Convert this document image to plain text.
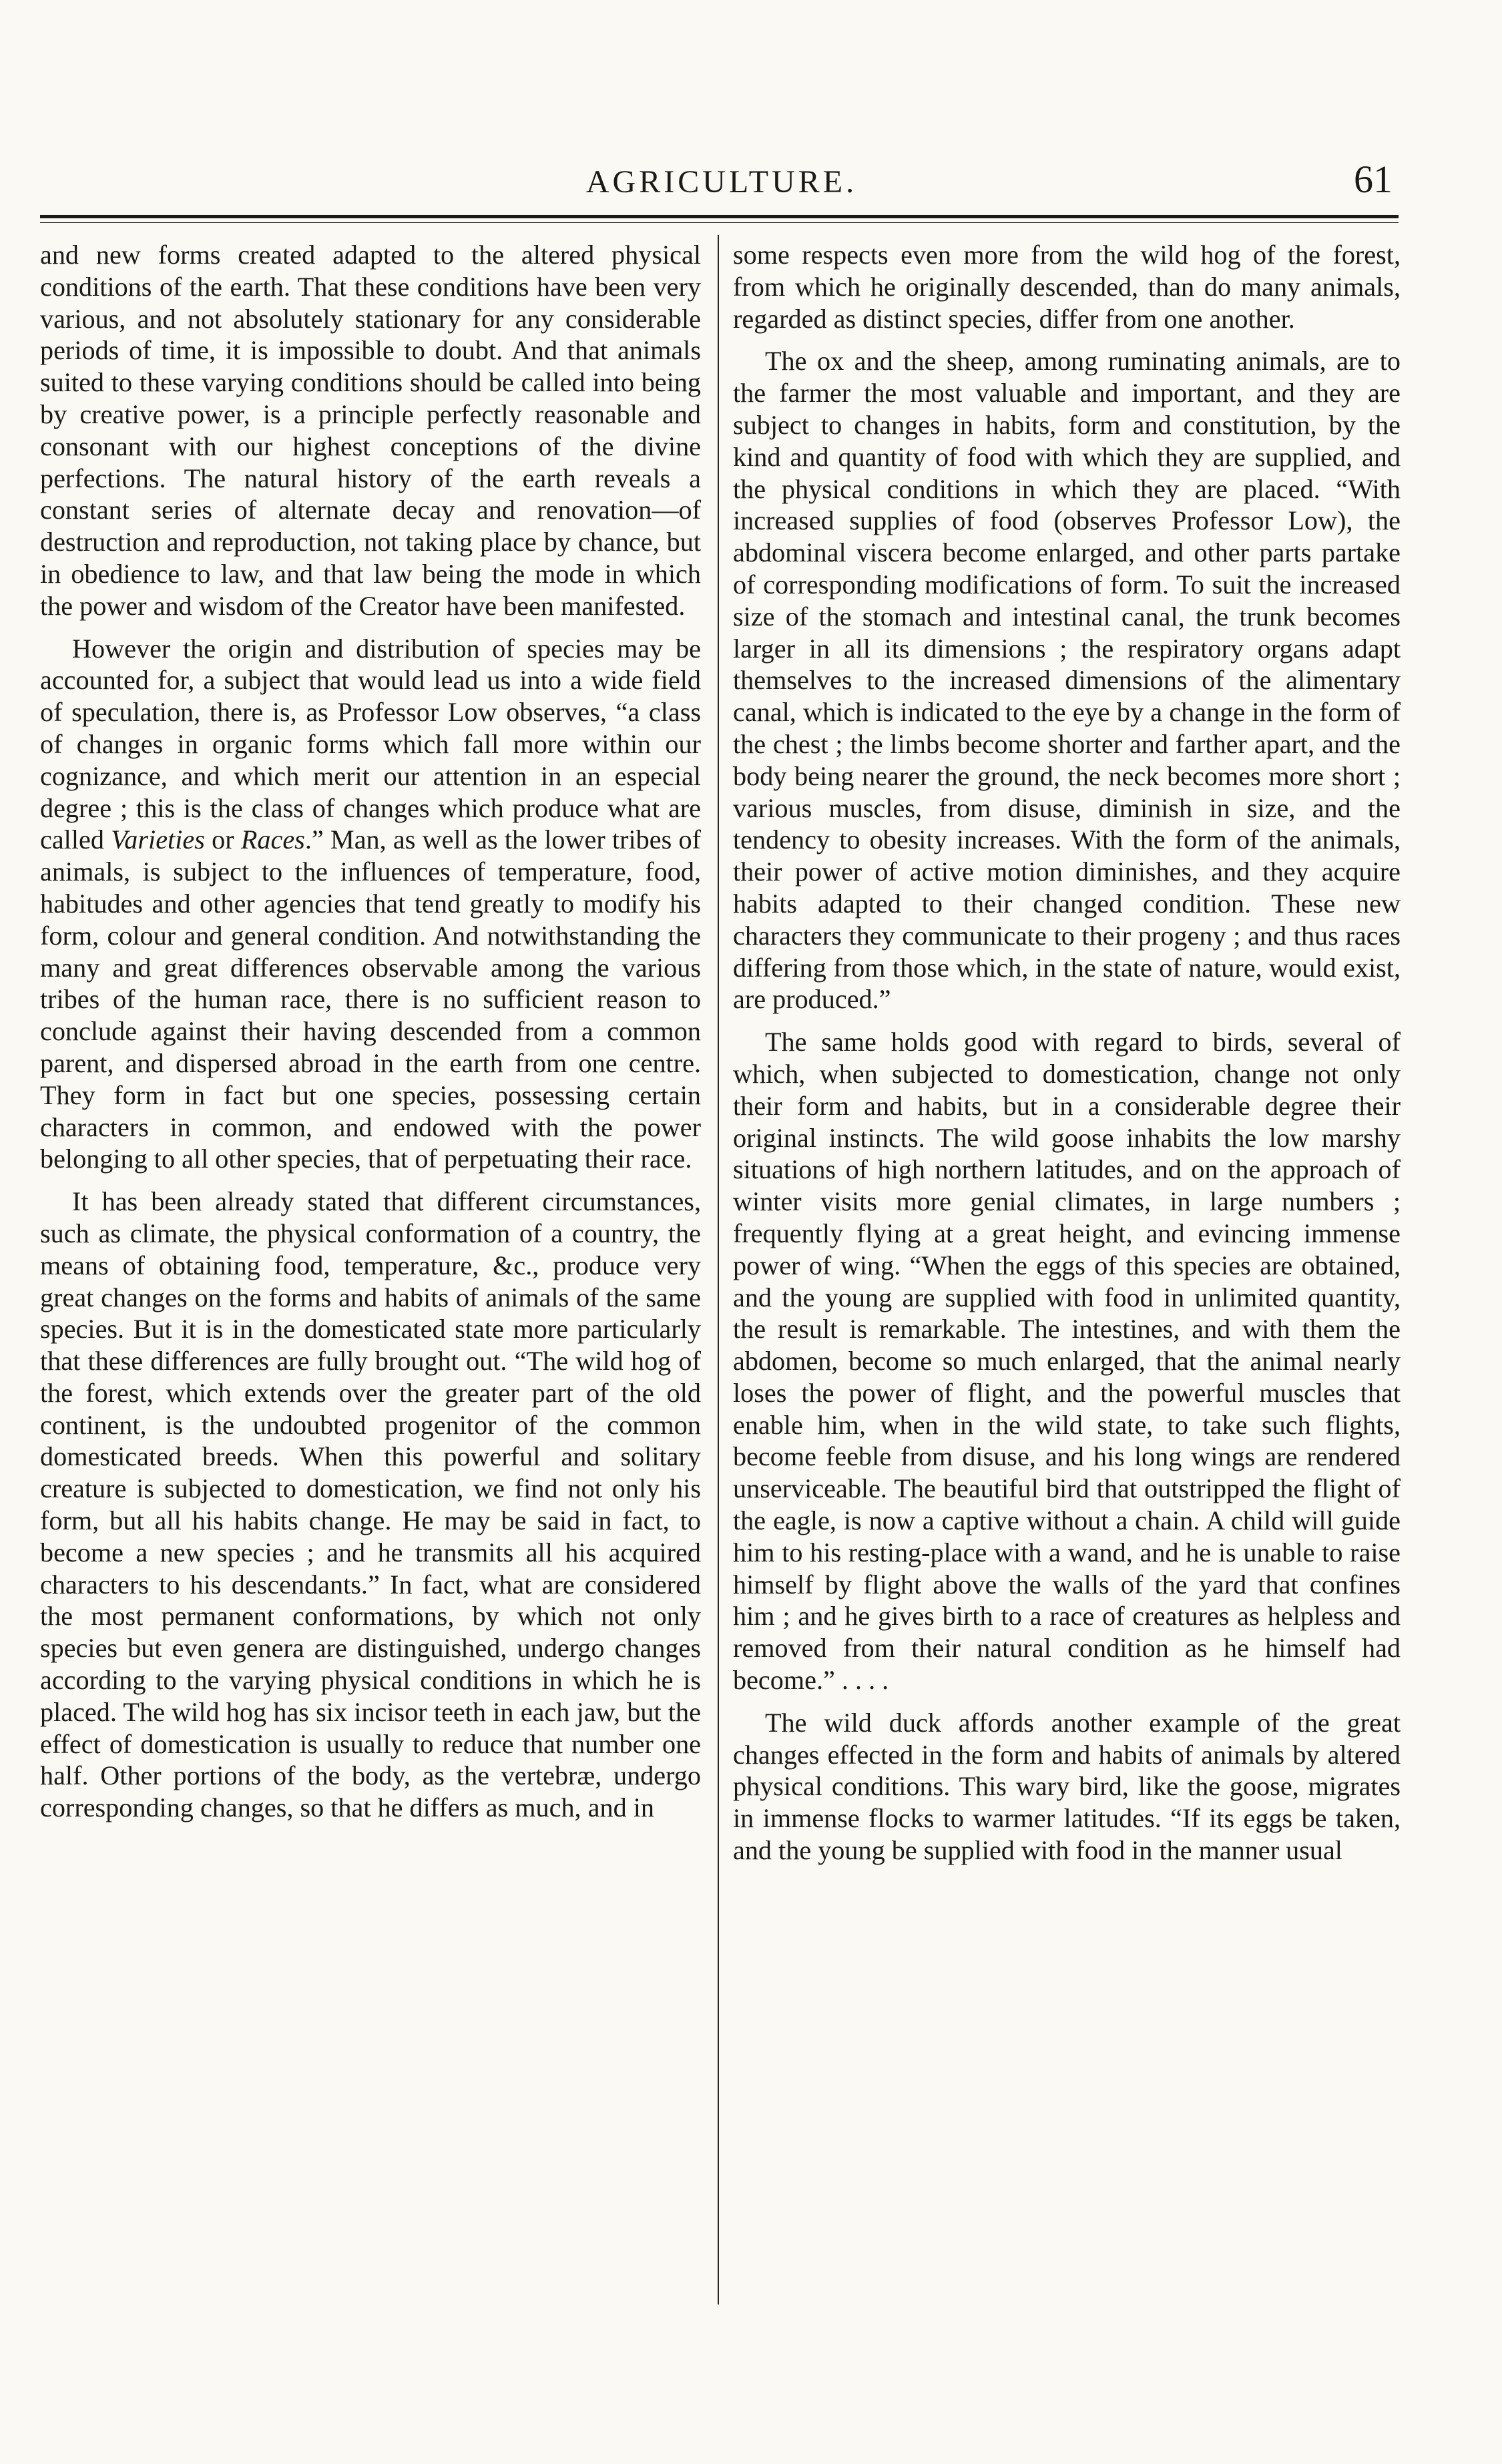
AGRICULTURE.	61

and new forms created adapted to the altered physical conditions of the earth. That these conditions have been very various, and not absolutely stationary for any considerable periods of time, it is impossible to doubt. And that animals suited to these varying conditions should be called into being by creative power, is a principle perfectly reasonable and consonant with our highest conceptions of the divine perfections. The natural history of the earth reveals a constant series of alternate decay and renovation—of destruction and reproduction, not taking place by chance, but in obedience to law, and that law being the mode in which the power and wisdom of the Creator have been manifested.

However the origin and distribution of species may be accounted for, a subject that would lead us into a wide field of speculation, there is, as Professor Low observes, “a class of changes in organic forms which fall more within our cognizance, and which merit our attention in an especial degree ; this is the class of changes which produce what are called Varieties or Races.” Man, as well as the lower tribes of animals, is subject to the influences of temperature, food, habitudes and other agencies that tend greatly to modify his form, colour and general condition. And notwithstanding the many and great differences observable among the various tribes of the human race, there is no sufficient reason to conclude against their having descended from a common parent, and dispersed abroad in the earth from one centre. They form in fact but one species, possessing certain characters in common, and endowed with the power belonging to all other species, that of perpetuating their race.

It has been already stated that different circumstances, such as climate, the physical conformation of a country, the means of obtaining food, temperature, &c., produce very great changes on the forms and habits of animals of the same species. But it is in the domesticated state more particularly that these differences are fully brought out. “The wild hog of the forest, which extends over the greater part of the old continent, is the undoubted progenitor of the common domesticated breeds. When this powerful and solitary creature is subjected to domestication, we find not only his form, but all his habits change. He may be said in fact, to become a new species ; and he transmits all his acquired characters to his descendants.” In fact, what are considered the most permanent conformations, by which not only species but even genera are distinguished, undergo changes according to the varying physical conditions in which he is placed. The wild hog has six incisor teeth in each jaw, but the effect of domestication is usually to reduce that number one half. Other portions of the body, as the vertebræ, undergo corresponding changes, so that he differs as much, and in

some respects even more from the wild hog of the forest, from which he originally descended, than do many animals, regarded as distinct species, differ from one another.

The ox and the sheep, among ruminating animals, are to the farmer the most valuable and important, and they are subject to changes in habits, form and constitution, by the kind and quantity of food with which they are supplied, and the physical conditions in which they are placed. “With increased supplies of food (observes Professor Low), the abdominal viscera become enlarged, and other parts partake of corresponding modifications of form. To suit the increased size of the stomach and intestinal canal, the trunk becomes larger in all its dimensions ; the respiratory organs adapt themselves to the increased dimensions of the alimentary canal, which is indicated to the eye by a change in the form of the chest ; the limbs become shorter and farther apart, and the body being nearer the ground, the neck becomes more short ; various muscles, from disuse, diminish in size, and the tendency to obesity increases. With the form of the animals, their power of active motion diminishes, and they acquire habits adapted to their changed condition. These new characters they communicate to their progeny ; and thus races differing from those which, in the state of nature, would exist, are produced.”

The same holds good with regard to birds, several of which, when subjected to domestication, change not only their form and habits, but in a considerable degree their original instincts. The wild goose inhabits the low marshy situations of high northern latitudes, and on the approach of winter visits more genial climates, in large numbers ; frequently flying at a great height, and evincing immense power of wing. “When the eggs of this species are obtained, and the young are supplied with food in unlimited quantity, the result is remarkable. The intestines, and with them the abdomen, become so much enlarged, that the animal nearly loses the power of flight, and the powerful muscles that enable him, when in the wild state, to take such flights, become feeble from disuse, and his long wings are rendered unserviceable. The beautiful bird that outstripped the flight of the eagle, is now a captive without a chain. A child will guide him to his resting-place with a wand, and he is unable to raise himself by flight above the walls of the yard that confines him ; and he gives birth to a race of creatures as helpless and removed from their natural condition as he himself had become.” . . . .

The wild duck affords another example of the great changes effected in the form and habits of animals by altered physical conditions. This wary bird, like the goose, migrates in immense flocks to warmer latitudes. “If its eggs be taken, and the young be supplied with food in the manner usual
